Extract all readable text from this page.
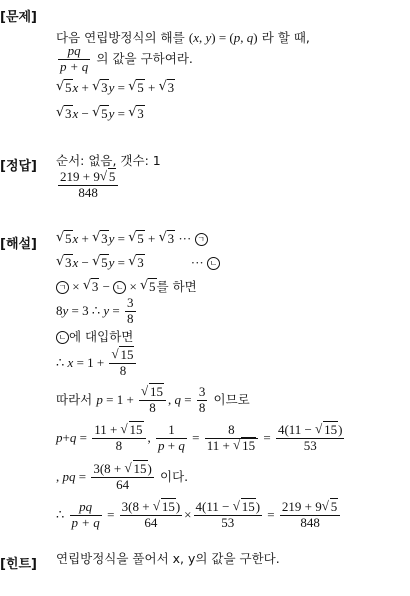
[문제]
[정답]
[해설]
[힌트]
다음 연립방정식의 해를 (x, y) = (p, q) 라 할 때,
$\frac{pq}{p + q}$ 의 값을 구하여라.
√ 5x + √ 3y = √ 5 + √ 3
√ 3x − √ 5y = √ 3
순서: 없음, 갯수: 1
$\frac{219 + 9 √ 5}{848}$
√ 5x + √ 3y = √ 5 + √ 3 ··· ㄱ
√ 3x − √ 5y = √ 3	··· ㄴ
ㄱ × √ 3 − ㄴ × √ 5를 하면
8y = 3 ∴ $y = \frac{3}{8}$
ㄴ 에 대입하면
∴ x = 1 + √ $\frac{15}{8}$
따라서 p = 1 + √ $\frac{15}{8}$ , $q = \frac{3}{8}$ 이므로
$p+q = \frac{11 + √ 15}{8}$ , $\frac{1}{p + q} = \frac{8}{11 + √ 15} = \frac{4(11 - √ 15)}{53}$
, pq = $\frac{3(8 + √ 15)}{64}$ 이다.
∴ $\frac{pq}{p + q} = \frac{3(8 + √ 15)}{64} \times \frac{4(11 - √ 15)}{53} = \frac{219 + 9 √ 5}{848}$
연립방정식을 풀어서 x, y의 값을 구한다.
